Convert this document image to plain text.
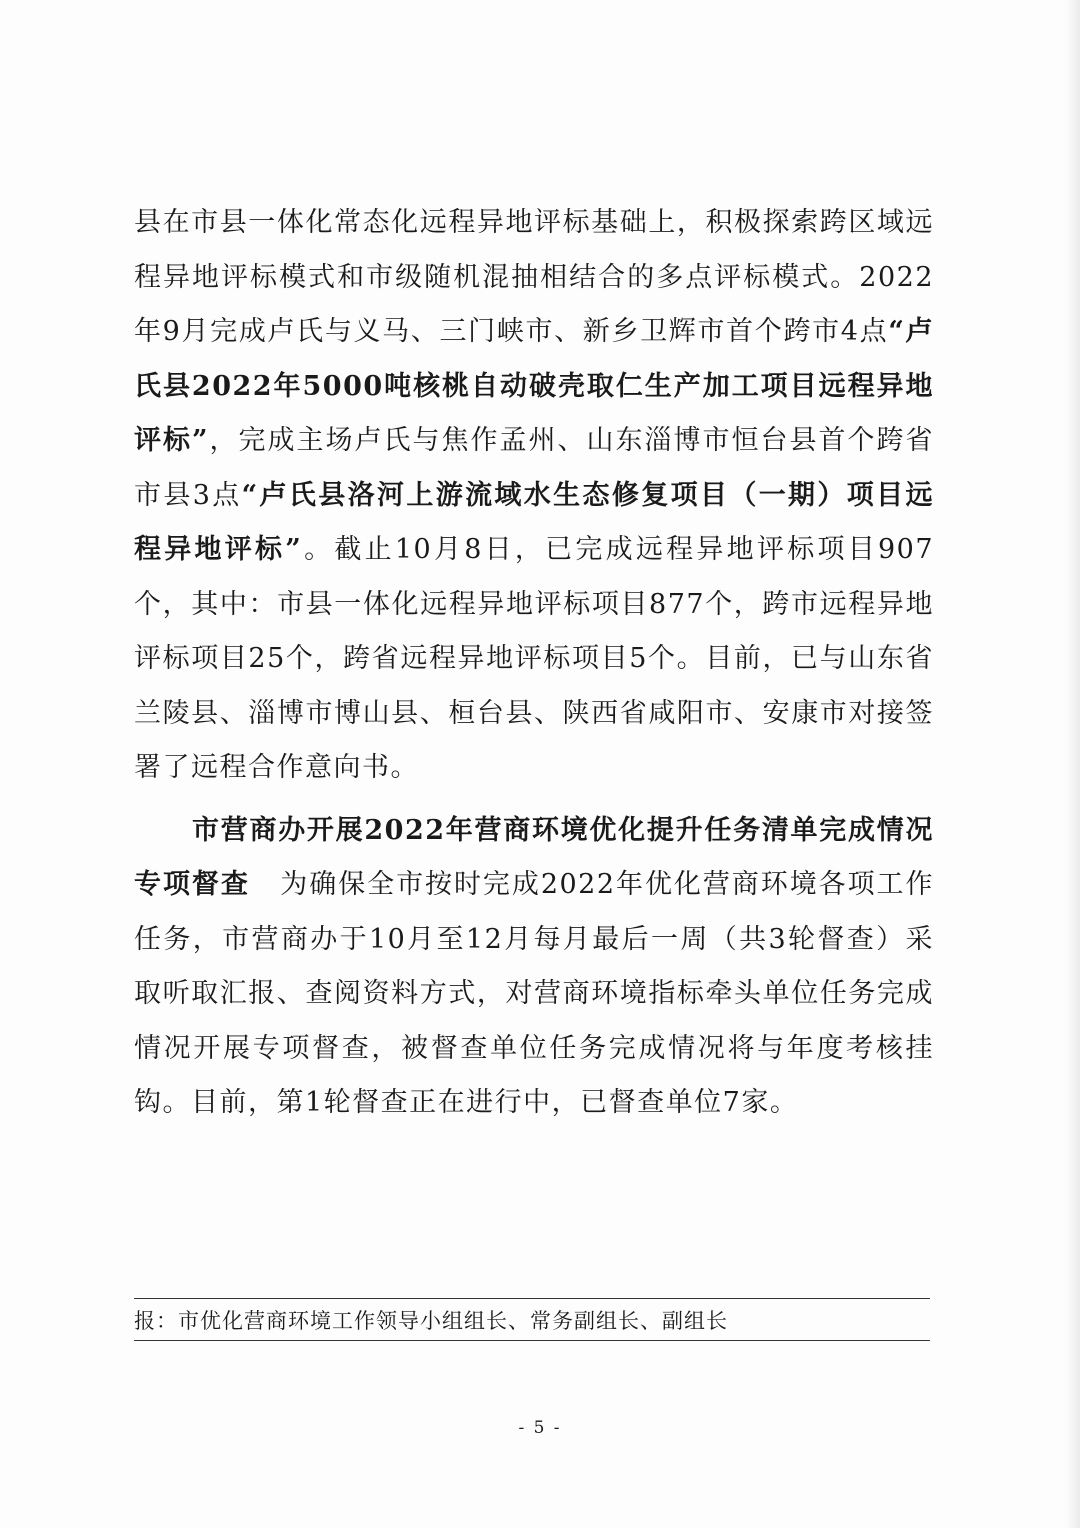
县在市县一体化常态化远程异地评标基础上，积极探索跨区域远程异地评标模式和市级随机混抽相结合的多点评标模式。2022年9月完成卢氏与义马、三门峡市、新乡卫辉市首个跨市4点“卢氏县2022年5000吨核桃自动破壳取仁生产加工项目远程异地评标”，完成主场卢氏与焦作孟州、山东淄博市恒台县首个跨省市县3点“卢氏县洛河上游流域水生态修复项目（一期）项目远程异地评标”。截止10月8日，已完成远程异地评标项目907个，其中：市县一体化远程异地评标项目877个，跨市远程异地评标项目25个，跨省远程异地评标项目5个。目前，已与山东省兰陵县、淄博市博山县、桓台县、陕西省咸阳市、安康市对接签署了远程合作意向书。

市营商办开展2022年营商环境优化提升任务清单完成情况专项督查 为确保全市按时完成2022年优化营商环境各项工作任务，市营商办于10月至12月每月最后一周（共3轮督查）采取听取汇报、查阅资料方式，对营商环境指标牵头单位任务完成情况开展专项督查，被督查单位任务完成情况将与年度考核挂钩。目前，第1轮督查正在进行中，已督查单位7家。

报：市优化营商环境工作领导小组组长、常务副组长、副组长
- 5 -
